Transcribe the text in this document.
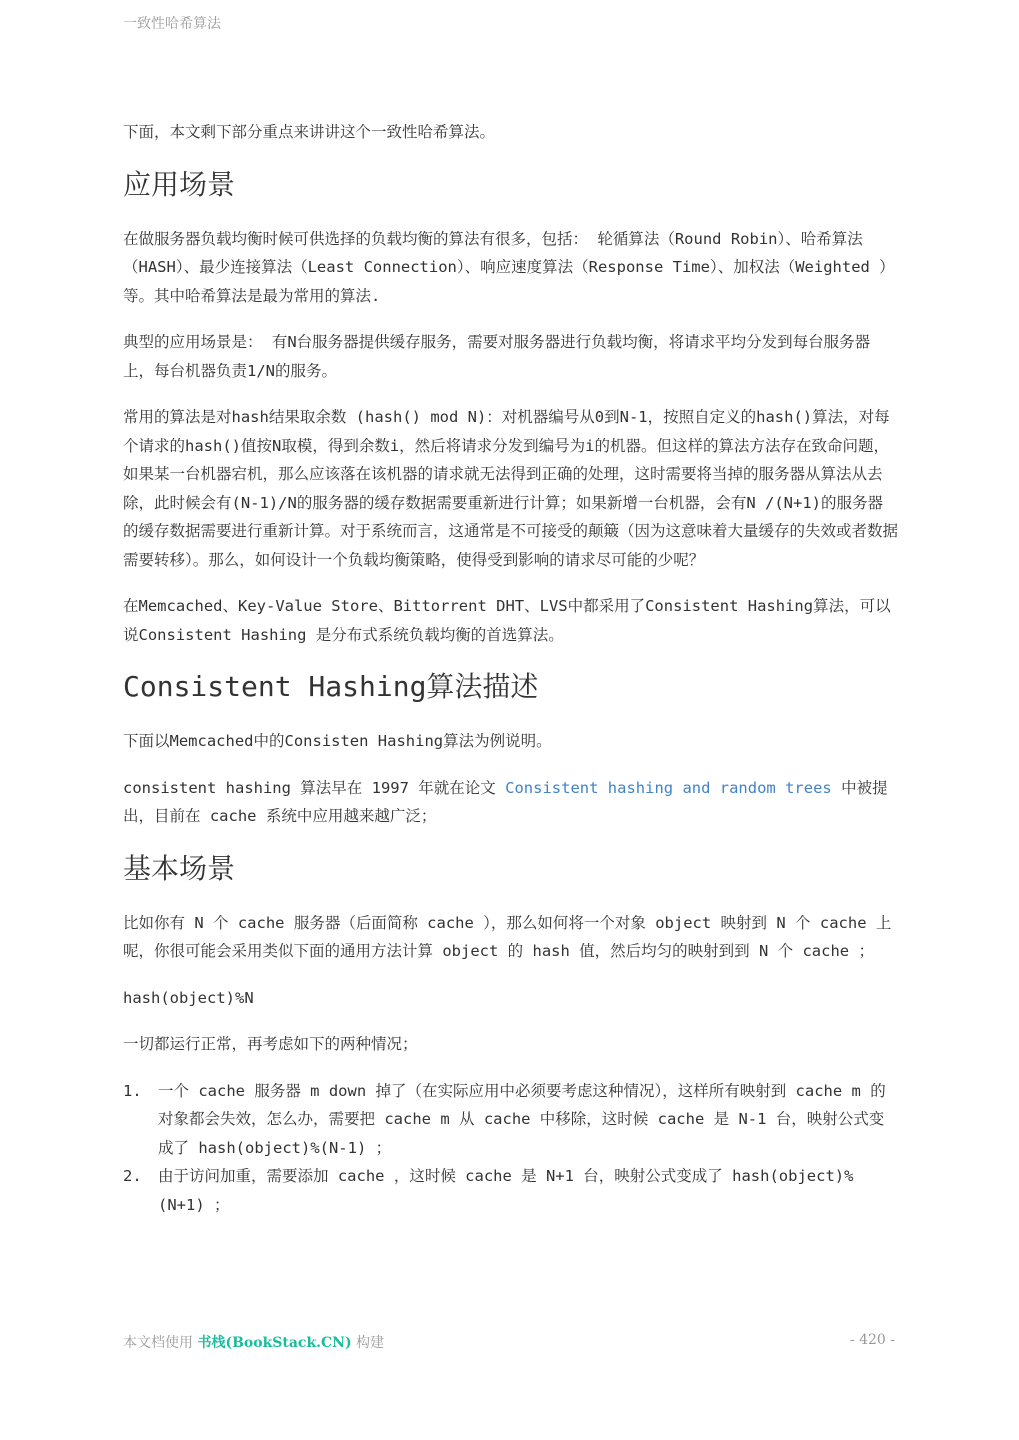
一致性哈希算法

下面，本文剩下部分重点来讲讲这个一致性哈希算法。

应用场景

在做服务器负载均衡时候可供选择的负载均衡的算法有很多，包括： 轮循算法（Round Robin）、哈希算法（HASH）、最少连接算法（Least Connection）、响应速度算法（Response Time）、加权法（Weighted ）等。其中哈希算法是最为常用的算法.

典型的应用场景是： 有N台服务器提供缓存服务，需要对服务器进行负载均衡，将请求平均分发到每台服务器上，每台机器负责1/N的服务。

常用的算法是对hash结果取余数 (hash() mod N)：对机器编号从0到N-1，按照自定义的hash()算法，对每个请求的hash()值按N取模，得到余数i，然后将请求分发到编号为i的机器。但这样的算法方法存在致命问题，如果某一台机器宕机，那么应该落在该机器的请求就无法得到正确的处理，这时需要将当掉的服务器从算法从去除，此时候会有(N-1)/N的服务器的缓存数据需要重新进行计算；如果新增一台机器，会有N /(N+1)的服务器的缓存数据需要进行重新计算。对于系统而言，这通常是不可接受的颠簸（因为这意味着大量缓存的失效或者数据需要转移）。那么，如何设计一个负载均衡策略，使得受到影响的请求尽可能的少呢？

在Memcached、Key-Value Store、Bittorrent DHT、LVS中都采用了Consistent Hashing算法，可以说Consistent Hashing 是分布式系统负载均衡的首选算法。

Consistent Hashing算法描述

下面以Memcached中的Consisten Hashing算法为例说明。

consistent hashing 算法早在 1997 年就在论文 Consistent hashing and random trees 中被提出，目前在 cache 系统中应用越来越广泛；

基本场景

比如你有 N 个 cache 服务器（后面简称 cache ），那么如何将一个对象 object 映射到 N 个 cache 上呢，你很可能会采用类似下面的通用方法计算 object 的 hash 值，然后均匀的映射到到 N 个 cache ；

hash(object)%N

一切都运行正常，再考虑如下的两种情况；

1. 一个 cache 服务器 m down 掉了（在实际应用中必须要考虑这种情况），这样所有映射到 cache m 的对象都会失效，怎么办，需要把 cache m 从 cache 中移除，这时候 cache 是 N-1 台，映射公式变成了 hash(object)%(N-1) ；
2. 由于访问加重，需要添加 cache ，这时候 cache 是 N+1 台，映射公式变成了 hash(object)%(N+1) ；
本文档使用 书栈(BookStack.CN) 构建	- 420 -
